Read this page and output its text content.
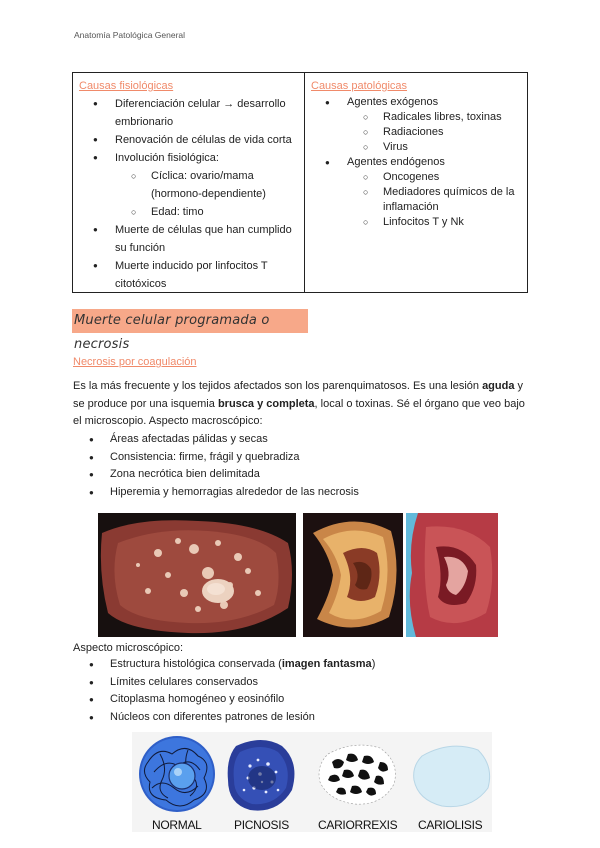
Anatomía Patológica General
Causas fisiológicas
● Diferenciación celular → desarrollo embrionario
● Renovación de células de vida corta
● Involución fisiológica:
○ Cíclica: ovario/mama (hormono-dependiente)
○ Edad: timo
● Muerte de células que han cumplido su función
● Muerte inducido por linfocitos T citotóxicos
Causas patológicas
● Agentes exógenos
○ Radicales libres, toxinas
○ Radiaciones
○ Virus
● Agentes endógenos
○ Oncogenes
○ Mediadores químicos de la inflamación
○ Linfocitos T y Nk
Muerte celular programada o necrosis
Necrosis por coagulación

Es la más frecuente y los tejidos afectados son los parenquimatosos. Es una lesión aguda y se produce por una isquemia brusca y completa, local o toxinas. Sé el órgano que veo bajo el microscopio. Aspecto macroscópico:

● Áreas afectadas pálidas y secas
● Consistencia: firme, frágil y quebradiza
● Zona necrótica bien delimitada
● Hiperemia y hemorragias alrededor de las necrosis
Aspecto microscópico:
● Estructura histológica conservada (imagen fantasma)
● Límites celulares conservados
● Citoplasma homogéneo y eosinófilo
● Núcleos con diferentes patrones de lesión
NORMAL	PICNOSIS CARIORREXIS CARIOLISIS
